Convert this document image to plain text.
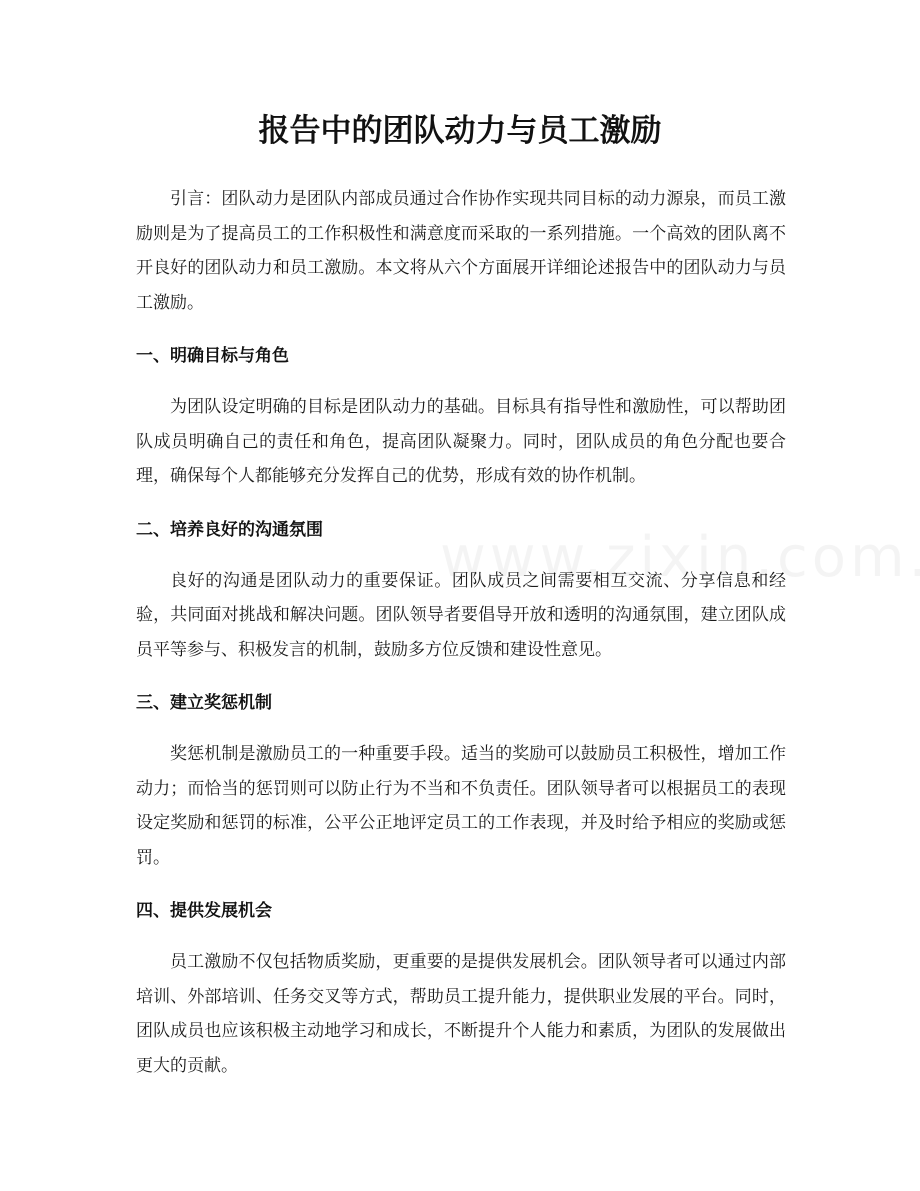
报告中的团队动力与员工激励

引言：团队动力是团队内部成员通过合作协作实现共同目标的动力源泉，而员工激励则是为了提高员工的工作积极性和满意度而采取的一系列措施。一个高效的团队离不开良好的团队动力和员工激励。本文将从六个方面展开详细论述报告中的团队动力与员工激励。

一、明确目标与角色

为团队设定明确的目标是团队动力的基础。目标具有指导性和激励性，可以帮助团队成员明确自己的责任和角色，提高团队凝聚力。同时，团队成员的角色分配也要合理，确保每个人都能够充分发挥自己的优势，形成有效的协作机制。

二、培养良好的沟通氛围

良好的沟通是团队动力的重要保证。团队成员之间需要相互交流、分享信息和经验，共同面对挑战和解决问题。团队领导者要倡导开放和透明的沟通氛围，建立团队成员平等参与、积极发言的机制，鼓励多方位反馈和建设性意见。

三、建立奖惩机制

奖惩机制是激励员工的一种重要手段。适当的奖励可以鼓励员工积极性，增加工作动力；而恰当的惩罚则可以防止行为不当和不负责任。团队领导者可以根据员工的表现设定奖励和惩罚的标准，公平公正地评定员工的工作表现，并及时给予相应的奖励或惩罚。

四、提供发展机会

员工激励不仅包括物质奖励，更重要的是提供发展机会。团队领导者可以通过内部培训、外部培训、任务交叉等方式，帮助员工提升能力，提供职业发展的平台。同时，团队成员也应该积极主动地学习和成长，不断提升个人能力和素质，为团队的发展做出更大的贡献。
